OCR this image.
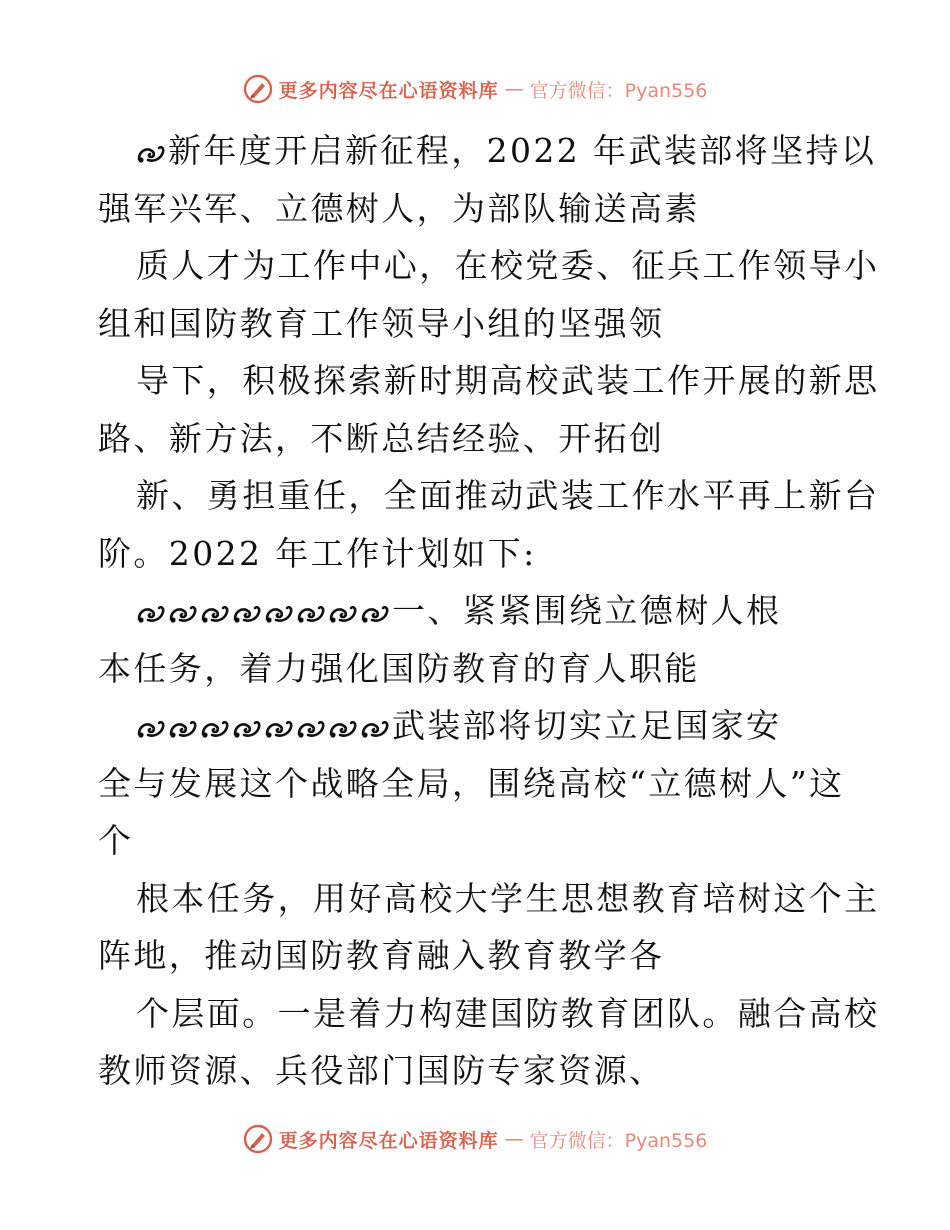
更多内容尽在心语资料库 — 官方微信：Pyan556
新年度开启新征程，2022 年武装部将坚持以
强军兴军、立德树人，为部队输送高素
质人才为工作中心，在校党委、征兵工作领导小
组和国防教育工作领导小组的坚强领
导下，积极探索新时期高校武装工作开展的新思
路、新方法，不断总结经验、开拓创
新、勇担重任，全面推动武装工作水平再上新台
阶。2022 年工作计划如下:
一、紧紧围绕立德树人根
本任务，着力强化国防教育的育人职能
武装部将切实立足国家安
全与发展这个战略全局，围绕高校“立德树人”这
个
根本任务，用好高校大学生思想教育培树这个主
阵地，推动国防教育融入教育教学各
个层面。一是着力构建国防教育团队。融合高校
教师资源、兵役部门国防专家资源、
更多内容尽在心语资料库 — 官方微信：Pyan556
